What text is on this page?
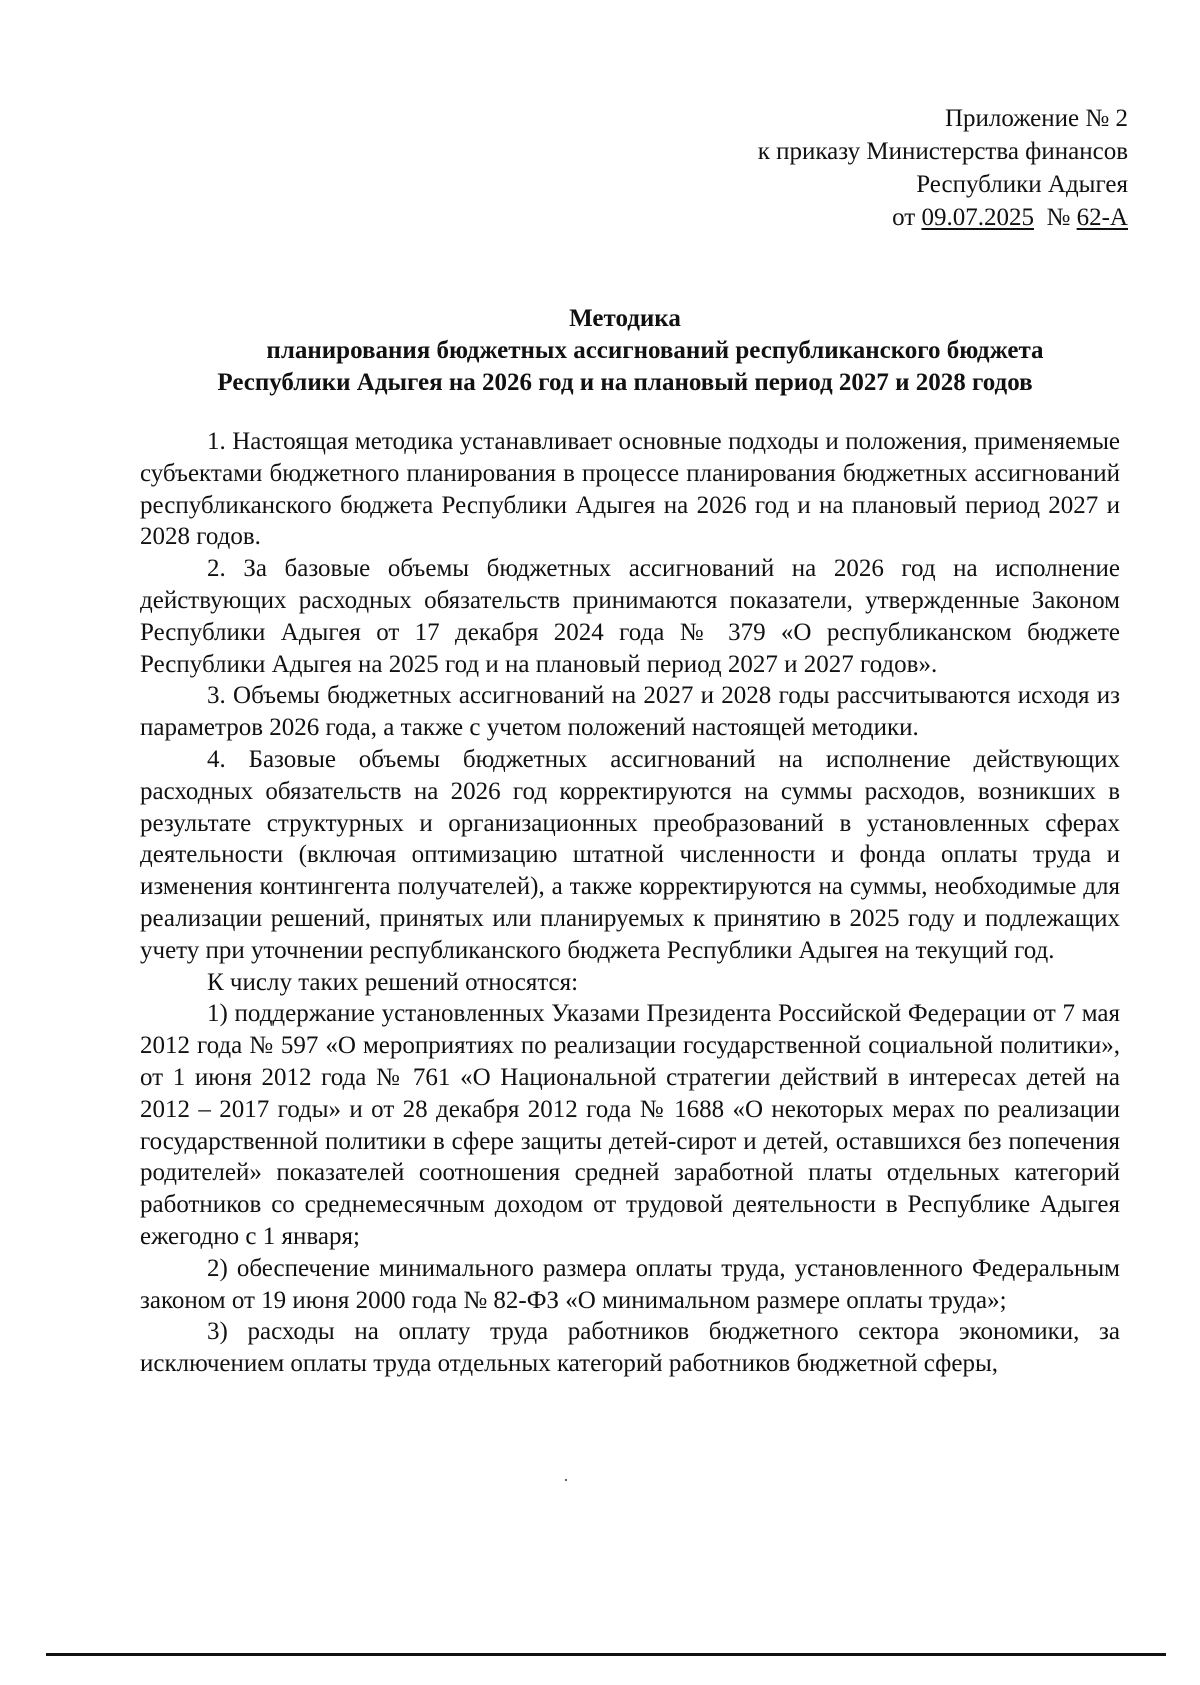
Приложение № 2
к приказу Министерства финансов
Республики Адыгея
от 09.07.2025 № 62-А
Методика
планирования бюджетных ассигнований республиканского бюджета
Республики Адыгея на 2026 год и на плановый период 2027 и 2028 годов

1. Настоящая методика устанавливает основные подходы и положения, применяемые субъектами бюджетного планирования в процессе планирования бюджетных ассигнований республиканского бюджета Республики Адыгея на 2026 год и на плановый период 2027 и 2028 годов.

2. За базовые объемы бюджетных ассигнований на 2026 год на исполнение действующих расходных обязательств принимаются показатели, утвержденные Законом Республики Адыгея от 17 декабря 2024 года № 379 «О республиканском бюджете Республики Адыгея на 2025 год и на плановый период 2027 и 2027 годов».

3. Объемы бюджетных ассигнований на 2027 и 2028 годы рассчитываются исходя из параметров 2026 года, а также с учетом положений настоящей методики.

4. Базовые объемы бюджетных ассигнований на исполнение действующих расходных обязательств на 2026 год корректируются на суммы расходов, возникших в результате структурных и организационных преобразований в установленных сферах деятельности (включая оптимизацию штатной численности и фонда оплаты труда и изменения контингента получателей), а также корректируются на суммы, необходимые для реализации решений, принятых или планируемых к принятию в 2025 году и подлежащих учету при уточнении республиканского бюджета Республики Адыгея на текущий год.

К числу таких решений относятся:

1) поддержание установленных Указами Президента Российской Федерации от 7 мая 2012 года № 597 «О мероприятиях по реализации государственной социальной политики», от 1 июня 2012 года № 761 «О Национальной стратегии действий в интересах детей на 2012 – 2017 годы» и от 28 декабря 2012 года № 1688 «О некоторых мерах по реализации государственной политики в сфере защиты детей-сирот и детей, оставшихся без попечения родителей» показателей соотношения средней заработной платы отдельных категорий работников со среднемесячным доходом от трудовой деятельности в Республике Адыгея ежегодно с 1 января;

2) обеспечение минимального размера оплаты труда, установленного Федеральным законом от 19 июня 2000 года № 82-ФЗ «О минимальном размере оплаты труда»;

3) расходы на оплату труда работников бюджетного сектора экономики, за исключением оплаты труда отдельных категорий работников бюджетной сферы,
